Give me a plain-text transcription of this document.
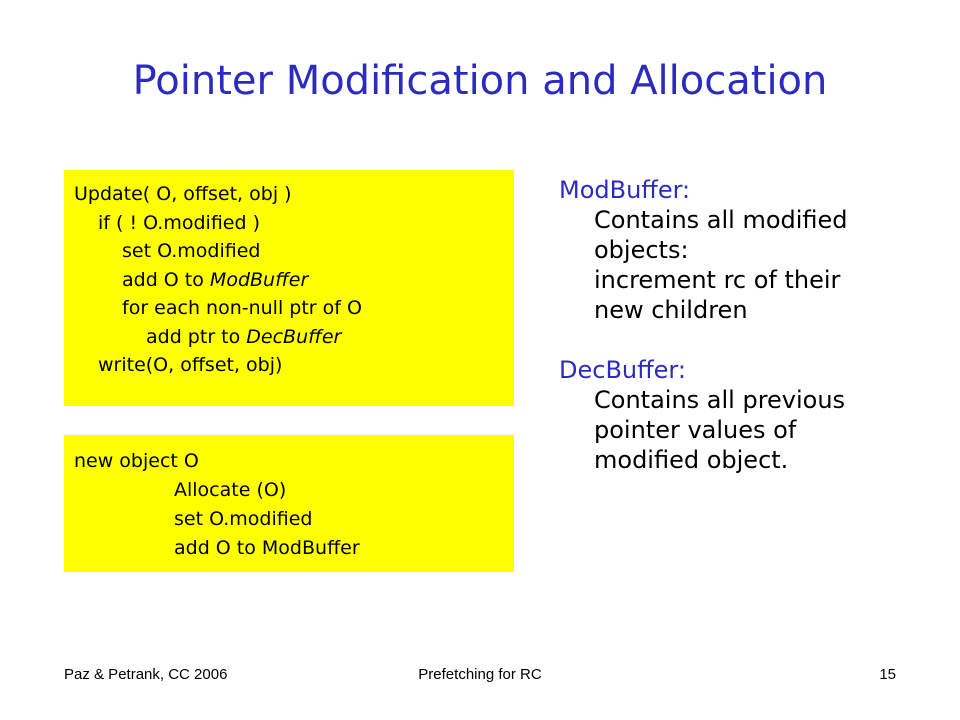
Pointer Modification and Allocation
Update( O, offset, obj )
if ( ! O.modified )
set O.modified
add O to ModBuffer
for each non-null ptr of O
add ptr to DecBuffer
write(O, offset, obj)
new object O
Allocate (O)
set O.modified
add O to ModBuffer
ModBuffer:
Contains all modified
objects:
increment rc of their
new children
DecBuffer:
Contains all previous
pointer values of
modified object.
Paz & Petrank, CC 2006	Prefetching for RC	15
